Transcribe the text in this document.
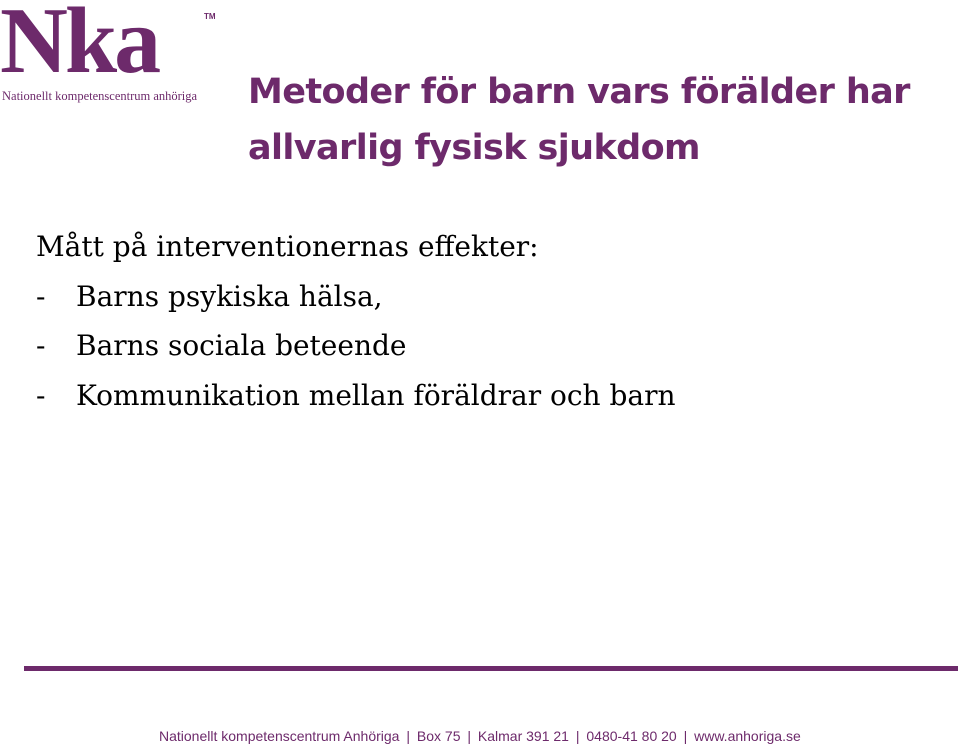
Nka	TM
Nationellt kompetenscentrum anhöriga Metoder för barn vars förälder har allvarlig fysisk sjukdom
Mått på interventionernas effekter:
-	Barns psykiska hälsa,
-	Barns sociala beteende
-	Kommunikation mellan föräldrar och barn
Nationellt kompetenscentrum Anhöriga | Box 75 | Kalmar 391 21 | 0480-41 80 20 | www.anhoriga.se
